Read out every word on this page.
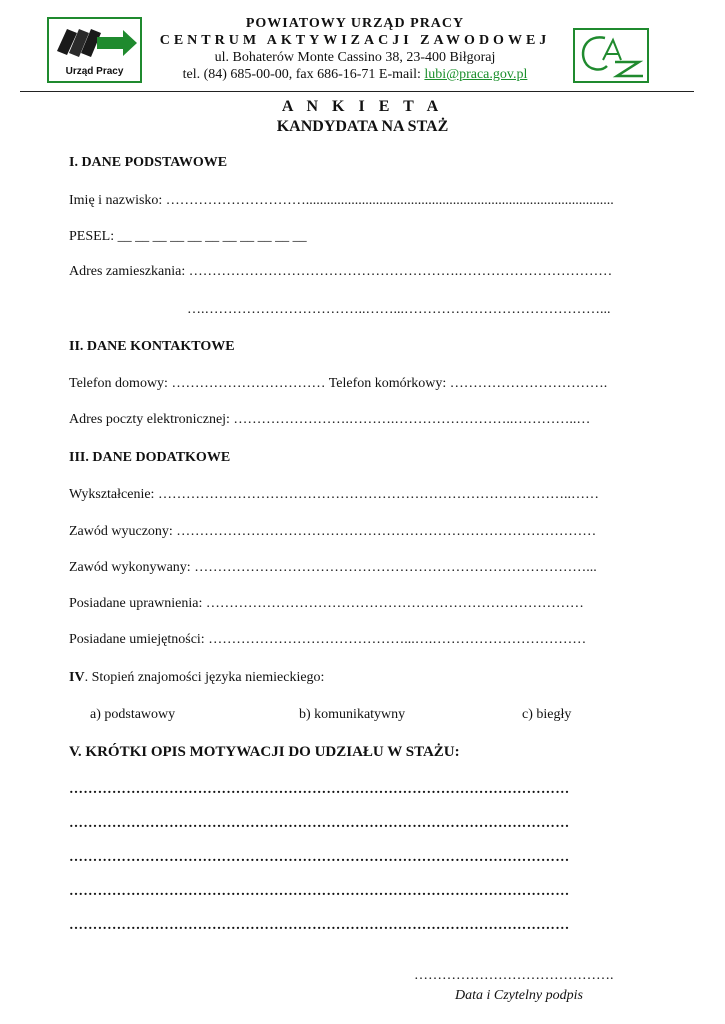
Urząd Pracy
POWIATOWY URZĄD PRACY
CENTRUM AKTYWIZACJI ZAWODOWEJ
ul. Bohaterów Monte Cassino 38, 23-400 Biłgoraj
tel. (84) 685-00-00, fax 686-16-71 E-mail: lubi@praca.gov.pl
A N K I E T A
KANDYDATA NA STAŻ
I. DANE PODSTAWOWE
Imię i nazwisko: …………………………........................................................................................
PESEL: __ __ __ __ __ __ __ __ __ __ __
Adres zamieszkania: ………………………………………………….……………………………
….……………………………..……...……………………………………...
II. DANE KONTAKTOWE
Telefon domowy: …………………………… Telefon komórkowy: …………………………….
Adres poczty elektronicznej: …………………….……….……………………..…………..…
III. DANE DODATKOWE
Wykształcenie: ……………………………………………………………………………..……
Zawód wyuczony: ………………………………………………………………………………
Zawód wykonywany: …………………………………………………………………………...
Posiadane uprawnienia: ………………………………………………………………………
Posiadane umiejętności: ……………………………………...….……………………………
IV. Stopień znajomości języka niemieckiego:
a) podstawowy	b) komunikatywny	c) biegły
V. KRÓTKI OPIS MOTYWACJI DO UDZIAŁU W STAŻU:
……………………………………………………………………………………………
……………………………………………………………………………………………
……………………………………………………………………………………………
……………………………………………………………………………………………
……………………………………………………………………………………………
…………………………………….
Data i Czytelny podpis
